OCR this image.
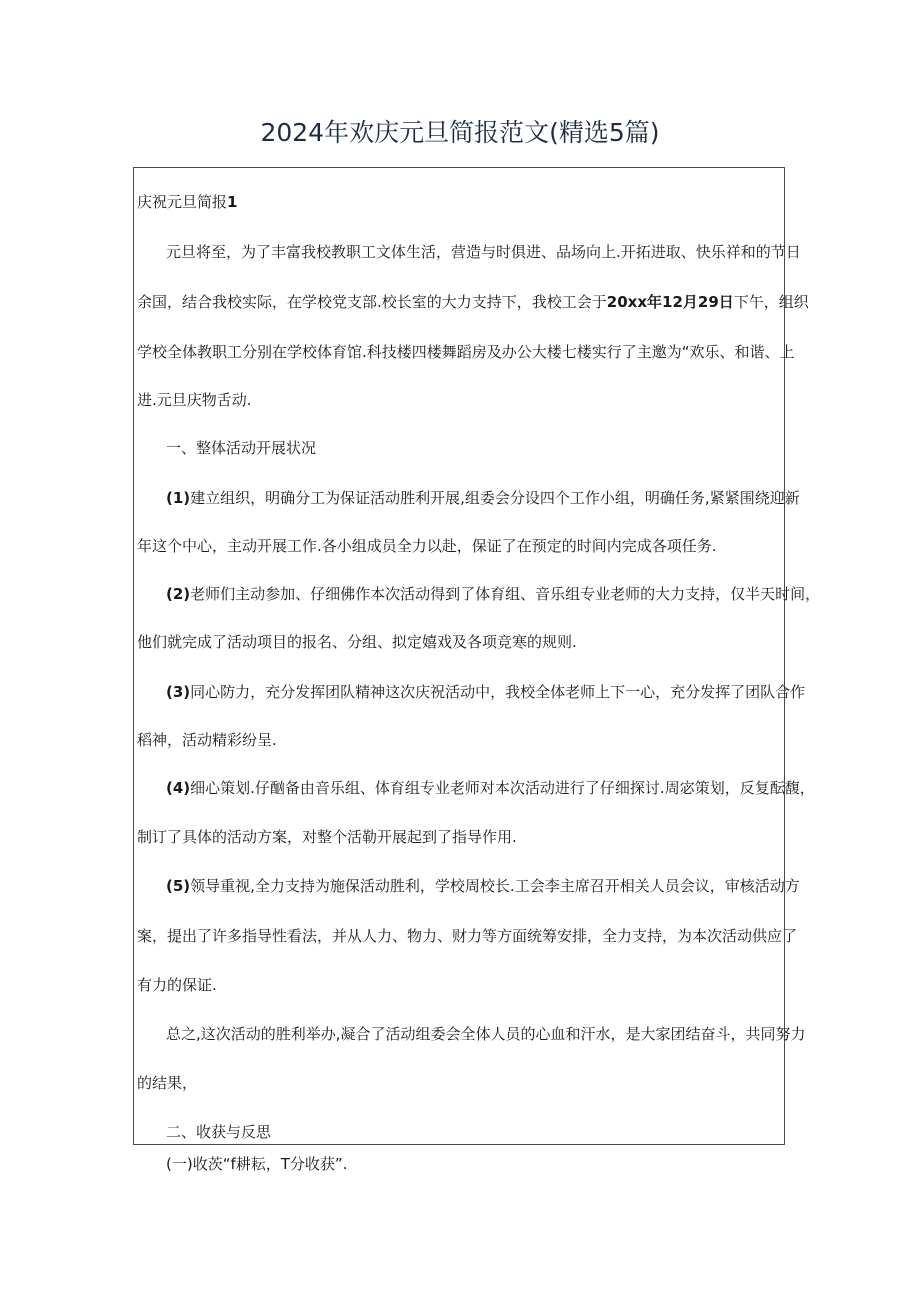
2024年欢庆元旦简报范文(精选5篇)
庆祝元旦简报1
元旦将至，为了丰富我校教职工文体生活，营造与时俱进、品场向上.开拓进取、快乐祥和的节日
余国，结合我校实际，在学校党支部.校长室的大力支持下，我校工会于20xx年12月29日下午，组织
学校全体教职工分别在学校体育馆.科技楼四楼舞蹈房及办公大楼七楼实行了主邀为“欢乐、和谐、上
进.元旦庆物舌动.
一、整体活动开展状况
(1)建立组织，明确分工为保证活动胜利开展,组委会分设四个工作小组，明确任务,紧紧围绕迎新
年这个中心，主动开展工作.各小组成员全力以赴，保证了在预定的时间内完成各项任务.
(2)老师们主动参加、仔细佛作本次活动得到了体育组、音乐组专业老师的大力支持，仅半天时间，
他们就完成了活动项目的报名、分组、拟定嬉戏及各项竞寒的规则.
(3)同心防力，充分发挥团队精神这次庆祝活动中，我校全体老师上下一心，充分发挥了团队合作
稻神，活动精彩纷呈.
(4)细心策划.仔酗备由音乐组、体育组专业老师对本次活动进行了仔细探讨.周宓策划，反复酝馥，
制订了具体的活动方案，对整个活勒开展起到了指导作用.
(5)领导重视,全力支持为施保活动胜利，学校周校长.工会李主席召开相关人员会议，审核活动方
案，提出了许多指导性看法，并从人力、物力、财力等方面统筹安排，全力支持，为本次活动供应了
有力的保证.
总之,这次活动的胜利举办,凝合了活动组委会全体人员的心血和汗水，是大家团结奋斗，共同努力
的结果，
二、收获与反思
(一)收茨“f耕耘，T分收获”.
